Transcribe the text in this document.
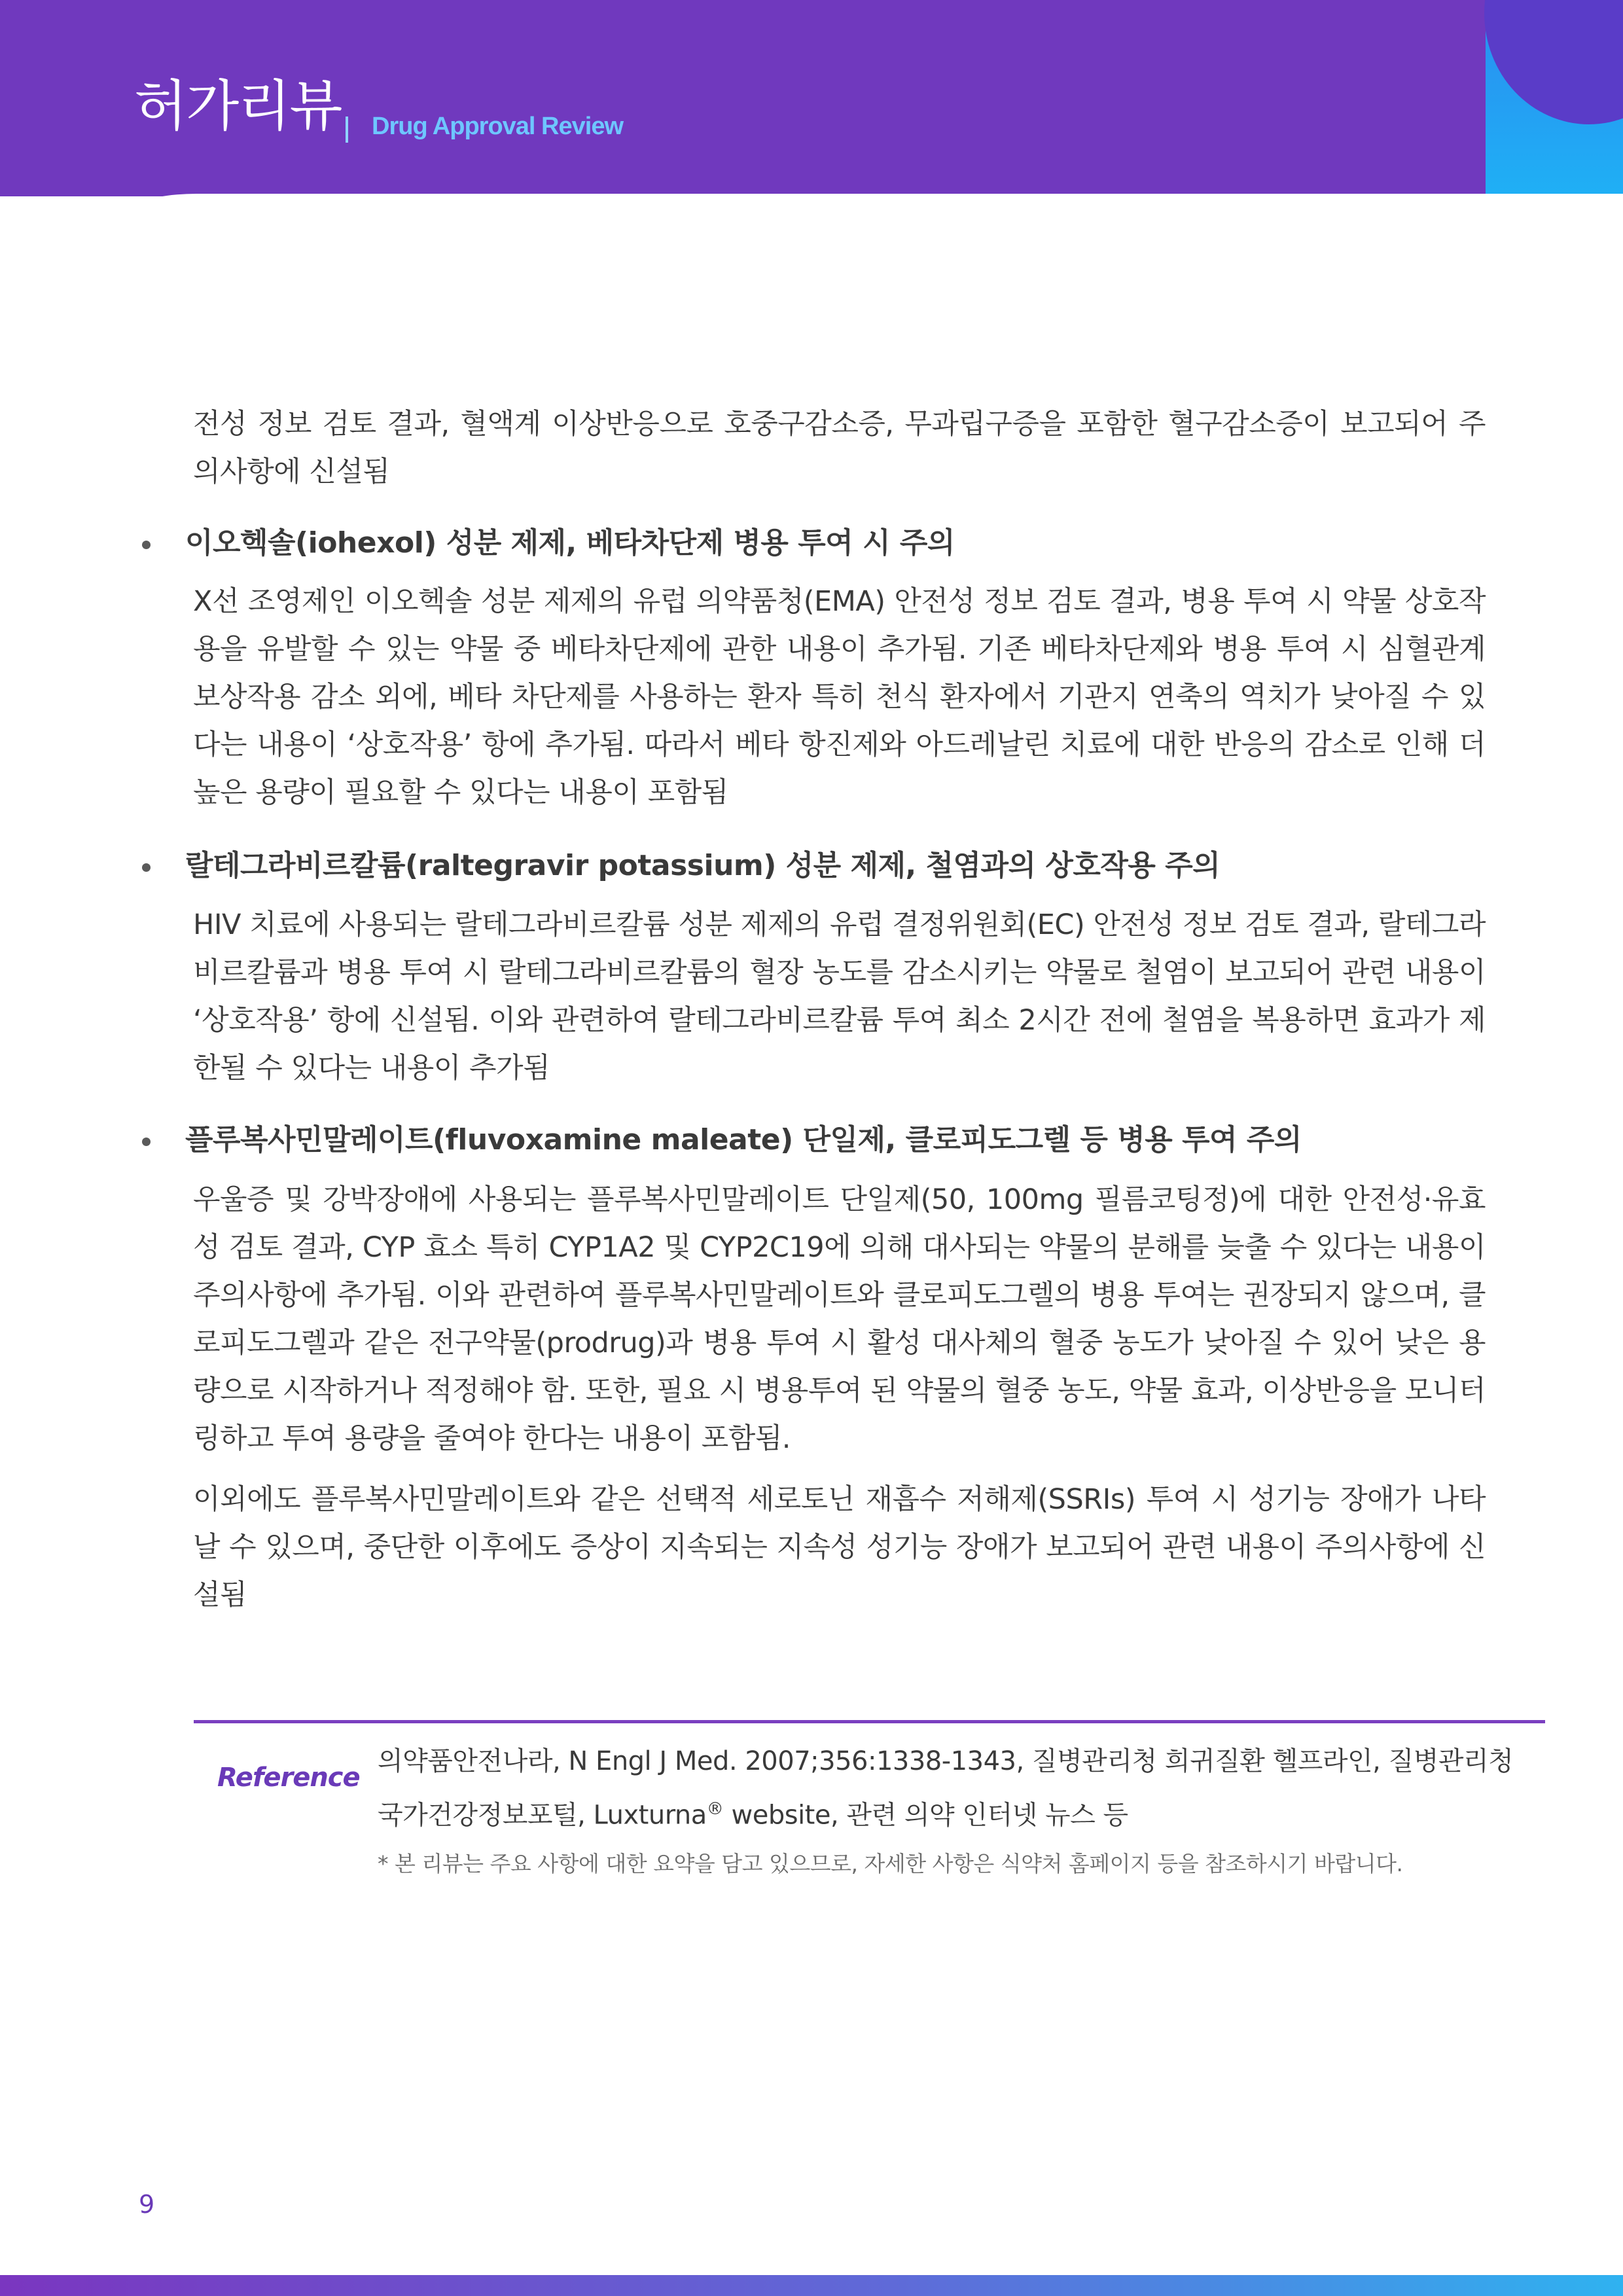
허가리뷰 Drug Approval Review

전성 정보 검토 결과, 혈액계 이상반응으로 호중구감소증, 무과립구증을 포함한 혈구감소증이 보고되어 주의사항에 신설됨

이오헥솔(iohexol) 성분 제제, 베타차단제 병용 투여 시 주의

X선 조영제인 이오헥솔 성분 제제의 유럽 의약품청(EMA) 안전성 정보 검토 결과, 병용 투여 시 약물 상호작용을 유발할 수 있는 약물 중 베타차단제에 관한 내용이 추가됨. 기존 베타차단제와 병용 투여 시 심혈관계 보상작용 감소 외에, 베타 차단제를 사용하는 환자 특히 천식 환자에서 기관지 연축의 역치가 낮아질 수 있다는 내용이 ‘상호작용’ 항에 추가됨. 따라서 베타 항진제와 아드레날린 치료에 대한 반응의 감소로 인해 더 높은 용량이 필요할 수 있다는 내용이 포함됨

랄테그라비르칼륨(raltegravir potassium) 성분 제제, 철염과의 상호작용 주의

HIV 치료에 사용되는 랄테그라비르칼륨 성분 제제의 유럽 결정위원회(EC) 안전성 정보 검토 결과, 랄테그라비르칼륨과 병용 투여 시 랄테그라비르칼륨의 혈장 농도를 감소시키는 약물로 철염이 보고되어 관련 내용이 ‘상호작용’ 항에 신설됨. 이와 관련하여 랄테그라비르칼륨 투여 최소 2시간 전에 철염을 복용하면 효과가 제한될 수 있다는 내용이 추가됨

플루복사민말레이트(fluvoxamine maleate) 단일제, 클로피도그렐 등 병용 투여 주의

우울증 및 강박장애에 사용되는 플루복사민말레이트 단일제(50, 100mg 필름코팅정)에 대한 안전성·유효성 검토 결과, CYP 효소 특히 CYP1A2 및 CYP2C19에 의해 대사되는 약물의 분해를 늦출 수 있다는 내용이 주의사항에 추가됨. 이와 관련하여 플루복사민말레이트와 클로피도그렐의 병용 투여는 권장되지 않으며, 클로피도그렐과 같은 전구약물(prodrug)과 병용 투여 시 활성 대사체의 혈중 농도가 낮아질 수 있어 낮은 용량으로 시작하거나 적정해야 함. 또한, 필요 시 병용투여 된 약물의 혈중 농도, 약물 효과, 이상반응을 모니터링하고 투여 용량을 줄여야 한다는 내용이 포함됨.

이외에도 플루복사민말레이트와 같은 선택적 세로토닌 재흡수 저해제(SSRIs) 투여 시 성기능 장애가 나타날 수 있으며, 중단한 이후에도 증상이 지속되는 지속성 성기능 장애가 보고되어 관련 내용이 주의사항에 신설됨

Reference

의약품안전나라, N Engl J Med. 2007;356:1338-1343, 질병관리청 희귀질환 헬프라인, 질병관리청
국가건강정보포털, Luxturna® website, 관련 의약 인터넷 뉴스 등

* 본 리뷰는 주요 사항에 대한 요약을 담고 있으므로, 자세한 사항은 식약처 홈페이지 등을 참조하시기 바랍니다.

9
